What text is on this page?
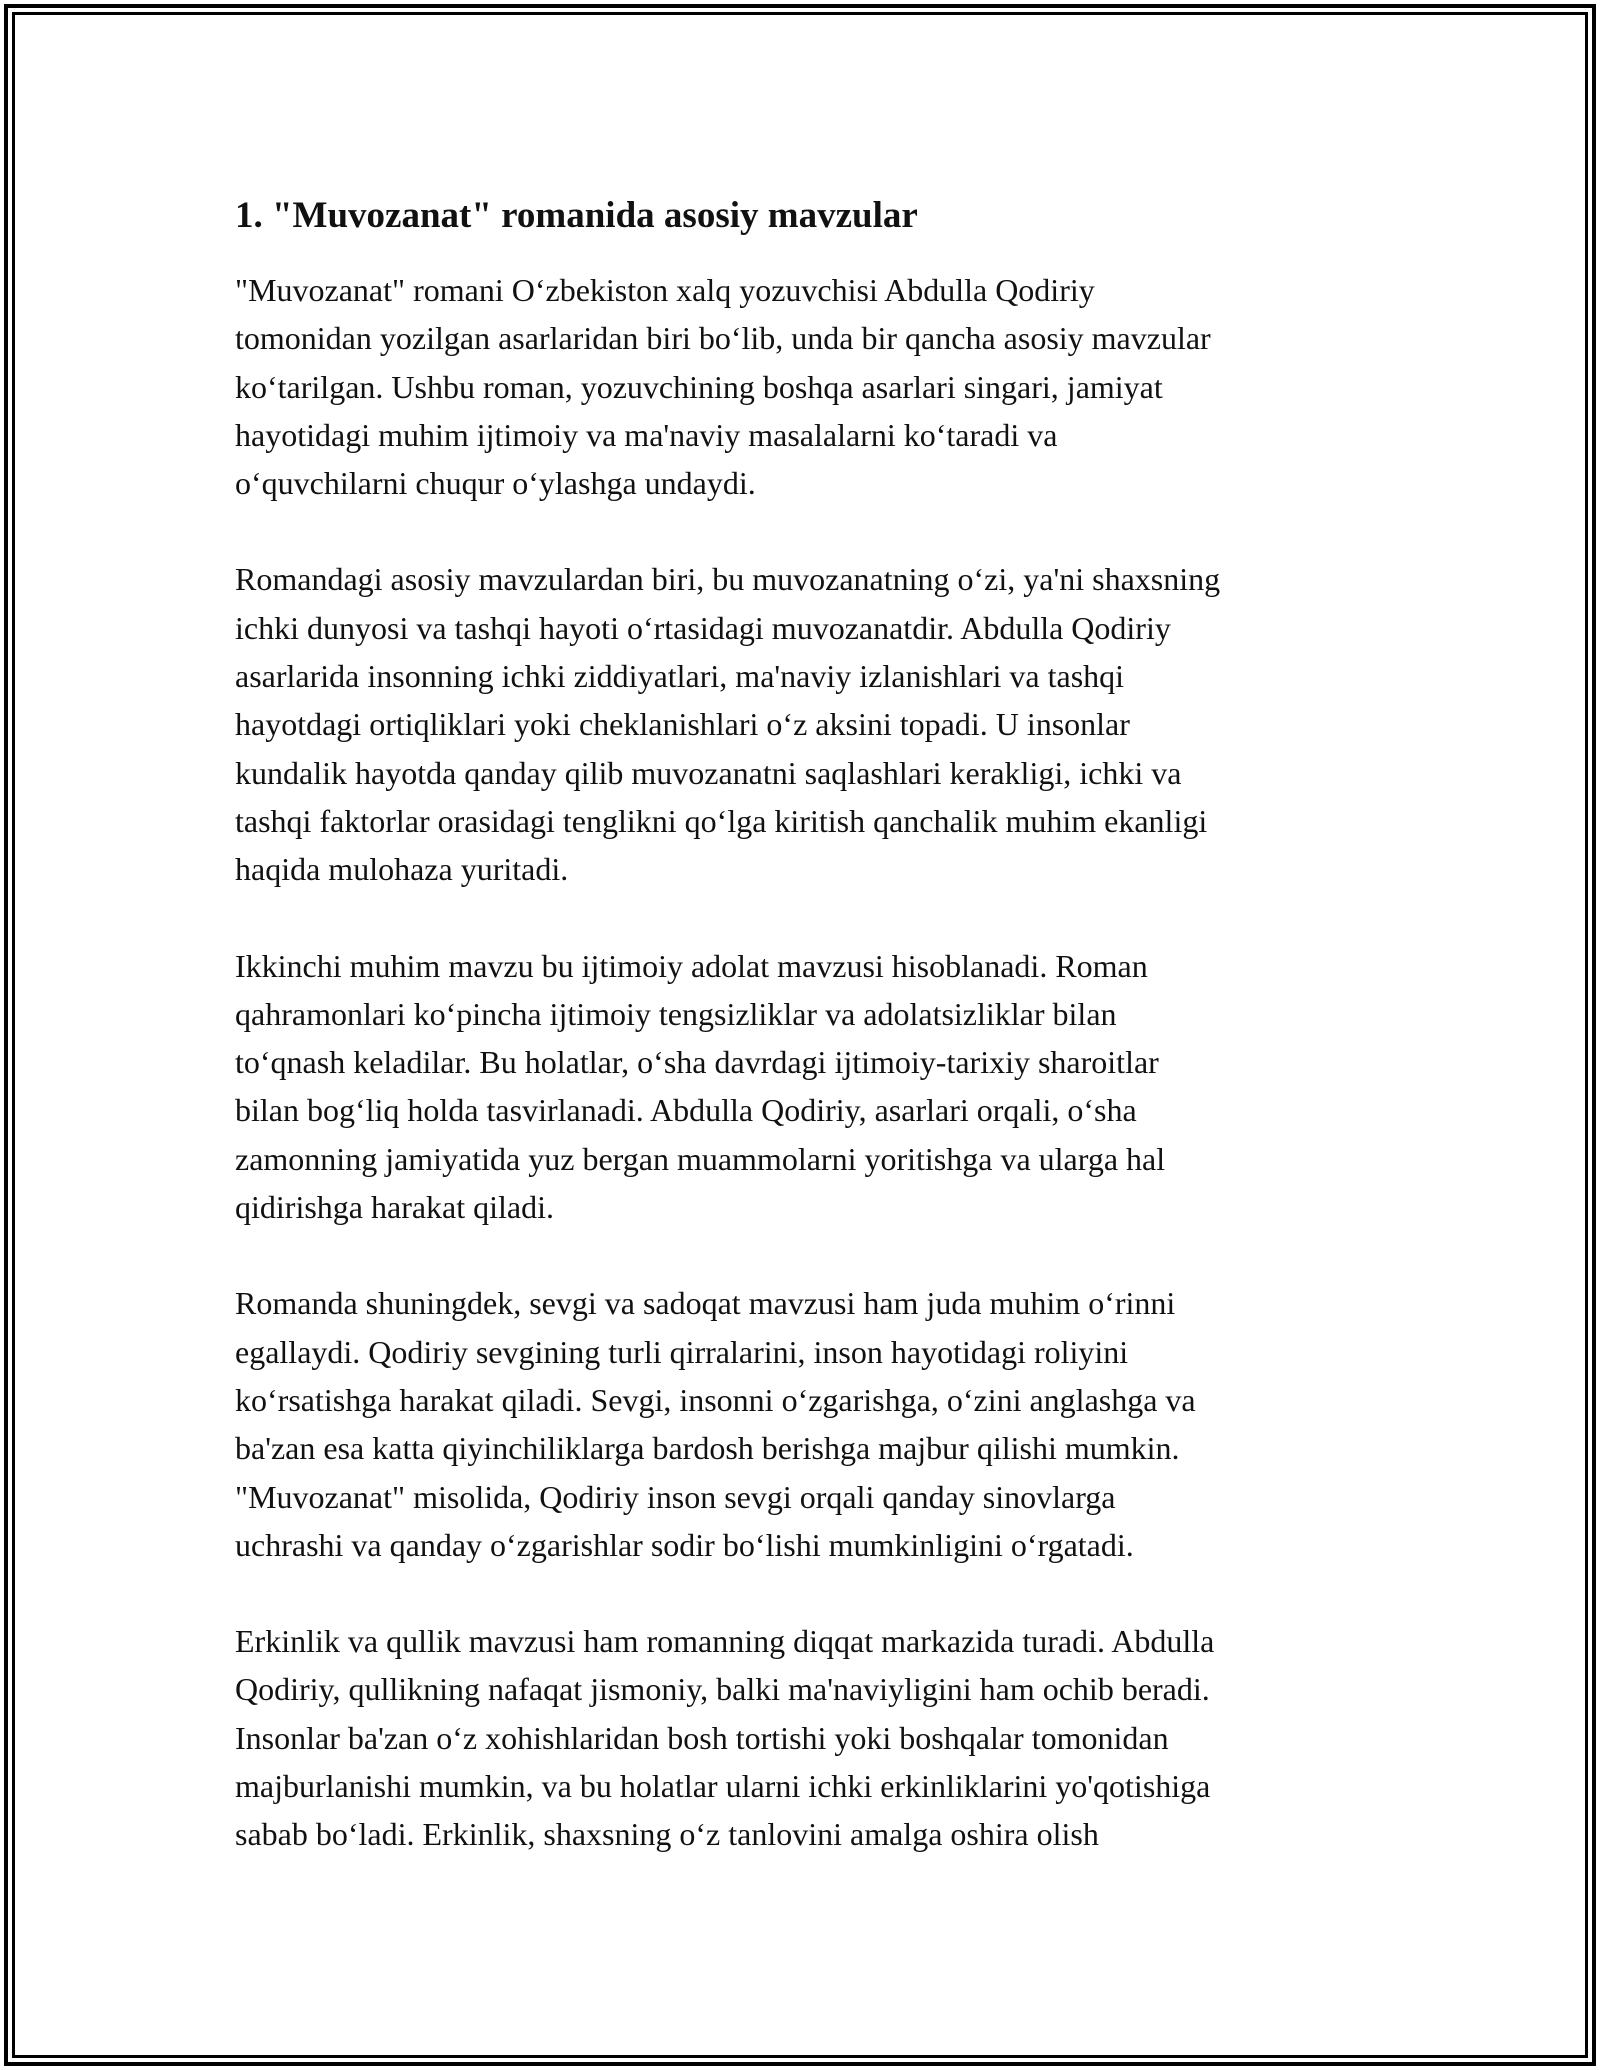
1. "Muvozanat" romanida asosiy mavzular

"Muvozanat" romani O‘zbekiston xalq yozuvchisi Abdulla Qodiriy
tomonidan yozilgan asarlaridan biri bo‘lib, unda bir qancha asosiy mavzular
ko‘tarilgan. Ushbu roman, yozuvchining boshqa asarlari singari, jamiyat
hayotidagi muhim ijtimoiy va ma'naviy masalalarni ko‘taradi va
o‘quvchilarni chuqur o‘ylashga undaydi.

Romandagi asosiy mavzulardan biri, bu muvozanatning o‘zi, ya'ni shaxsning
ichki dunyosi va tashqi hayoti o‘rtasidagi muvozanatdir. Abdulla Qodiriy
asarlarida insonning ichki ziddiyatlari, ma'naviy izlanishlari va tashqi
hayotdagi ortiqliklari yoki cheklanishlari o‘z aksini topadi. U insonlar
kundalik hayotda qanday qilib muvozanatni saqlashlari kerakligi, ichki va
tashqi faktorlar orasidagi tenglikni qo‘lga kiritish qanchalik muhim ekanligi
haqida mulohaza yuritadi.

Ikkinchi muhim mavzu bu ijtimoiy adolat mavzusi hisoblanadi. Roman
qahramonlari ko‘pincha ijtimoiy tengsizliklar va adolatsizliklar bilan
to‘qnash keladilar. Bu holatlar, o‘sha davrdagi ijtimoiy-tarixiy sharoitlar
bilan bog‘liq holda tasvirlanadi. Abdulla Qodiriy, asarlari orqali, o‘sha
zamonning jamiyatida yuz bergan muammolarni yoritishga va ularga hal
qidirishga harakat qiladi.

Romanda shuningdek, sevgi va sadoqat mavzusi ham juda muhim o‘rinni
egallaydi. Qodiriy sevgining turli qirralarini, inson hayotidagi roliyini
ko‘rsatishga harakat qiladi. Sevgi, insonni o‘zgarishga, o‘zini anglashga va
ba'zan esa katta qiyinchiliklarga bardosh berishga majbur qilishi mumkin.
"Muvozanat" misolida, Qodiriy inson sevgi orqali qanday sinovlarga
uchrashi va qanday o‘zgarishlar sodir bo‘lishi mumkinligini o‘rgatadi.

Erkinlik va qullik mavzusi ham romanning diqqat markazida turadi. Abdulla
Qodiriy, qullikning nafaqat jismoniy, balki ma'naviyligini ham ochib beradi.
Insonlar ba'zan o‘z xohishlaridan bosh tortishi yoki boshqalar tomonidan
majburlanishi mumkin, va bu holatlar ularni ichki erkinliklarini yo'qotishiga
sabab bo‘ladi. Erkinlik, shaxsning o‘z tanlovini amalga oshira olish
